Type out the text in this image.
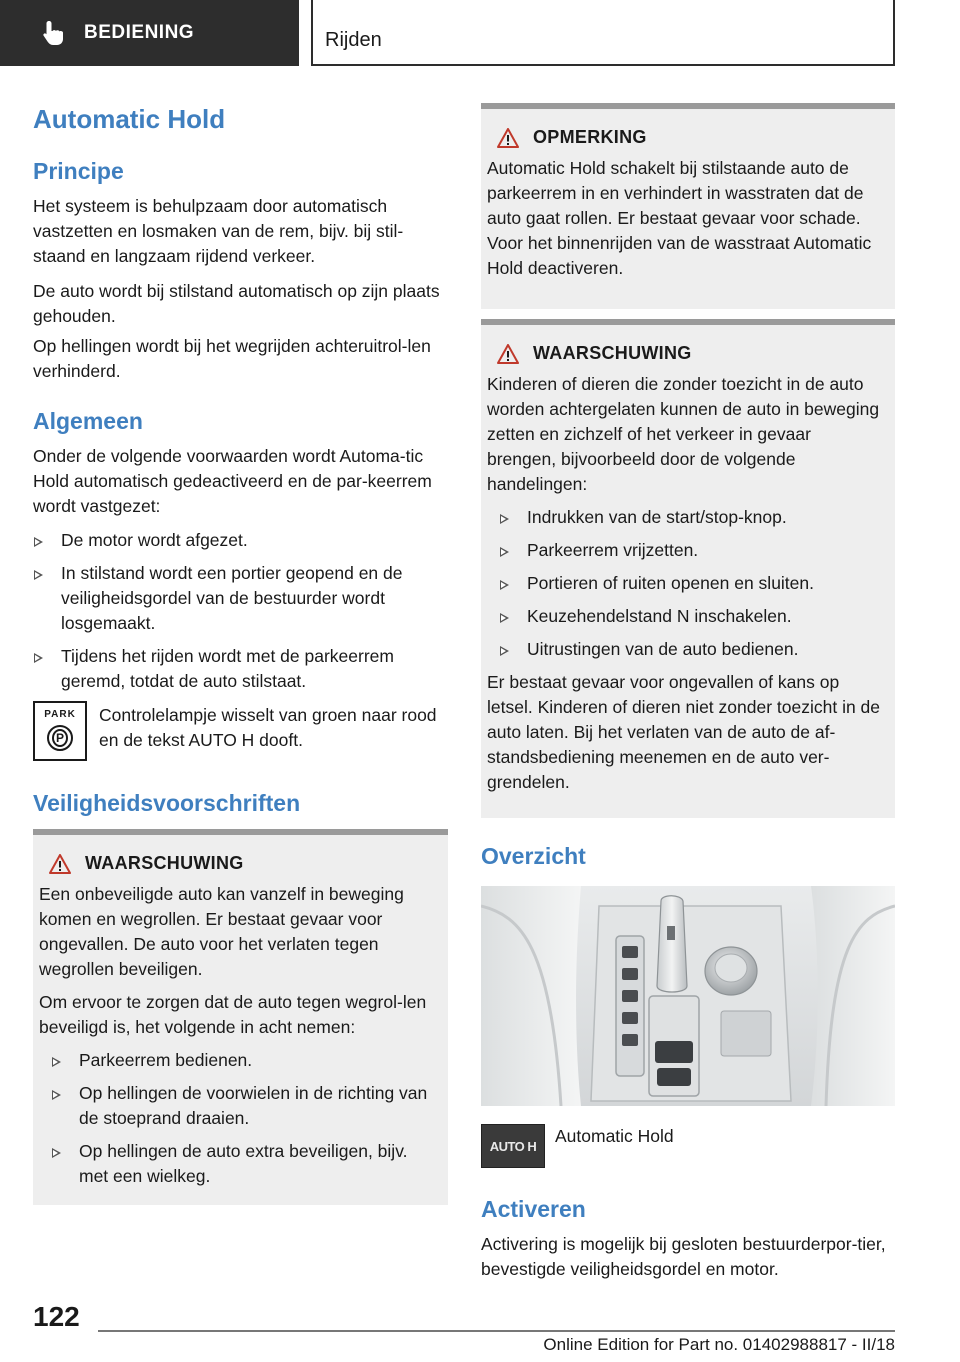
BEDIENING	Rijden
Automatic Hold
Principe
Het systeem is behulpzaam door automatisch vastzetten en losmaken van de rem, bijv. bij stil-staand en langzaam rijdend verkeer.
De auto wordt bij stilstand automatisch op zijn plaats gehouden.
Op hellingen wordt bij het wegrijden achteruitrol-len verhinderd.
Algemeen
Onder de volgende voorwaarden wordt Automa-tic Hold automatisch gedeactiveerd en de par-keerrem wordt vastgezet:
De motor wordt afgezet.
In stilstand wordt een portier geopend en de veiligheidsgordel van de bestuurder wordt losgemaakt.
Tijdens het rijden wordt met de parkeerrem geremd, totdat de auto stilstaat.
PARK
P
Controlelampje wisselt van groen naar rood en de tekst AUTO H dooft.
Veiligheidsvoorschriften
WAARSCHUWING
Een onbeveiligde auto kan vanzelf in beweging komen en wegrollen. Er bestaat gevaar voor ongevallen. De auto voor het verlaten tegen wegrollen beveiligen.
Om ervoor te zorgen dat de auto tegen wegrol-len beveiligd is, het volgende in acht nemen:
Parkeerrem bedienen.
Op hellingen de voorwielen in de richting van de stoeprand draaien.
Op hellingen de auto extra beveiligen, bijv. met een wielkeg.
OPMERKING
Automatic Hold schakelt bij stilstaande auto de parkeerrem in en verhindert in wasstraten dat de auto gaat rollen. Er bestaat gevaar voor schade. Voor het binnenrijden van de wasstraat Automatic Hold deactiveren.
WAARSCHUWING
Kinderen of dieren die zonder toezicht in de auto worden achtergelaten kunnen de auto in beweging zetten en zichzelf of het verkeer in gevaar brengen, bijvoorbeeld door de volgende handelingen:
Indrukken van de start/stop-knop.
Parkeerrem vrijzetten.
Portieren of ruiten openen en sluiten.
Keuzehendelstand N inschakelen.
Uitrustingen van de auto bedienen.
Er bestaat gevaar voor ongevallen of kans op letsel. Kinderen of dieren niet zonder toezicht in de auto laten. Bij het verlaten van de auto de af-standsbediening meenemen en de auto ver-grendelen.
Overzicht
AUTO H Automatic Hold
Activeren
Activering is mogelijk bij gesloten bestuurderpor-tier, bevestigde veiligheidsgordel en motor.
122
Online Edition for Part no. 01402988817 - II/18
